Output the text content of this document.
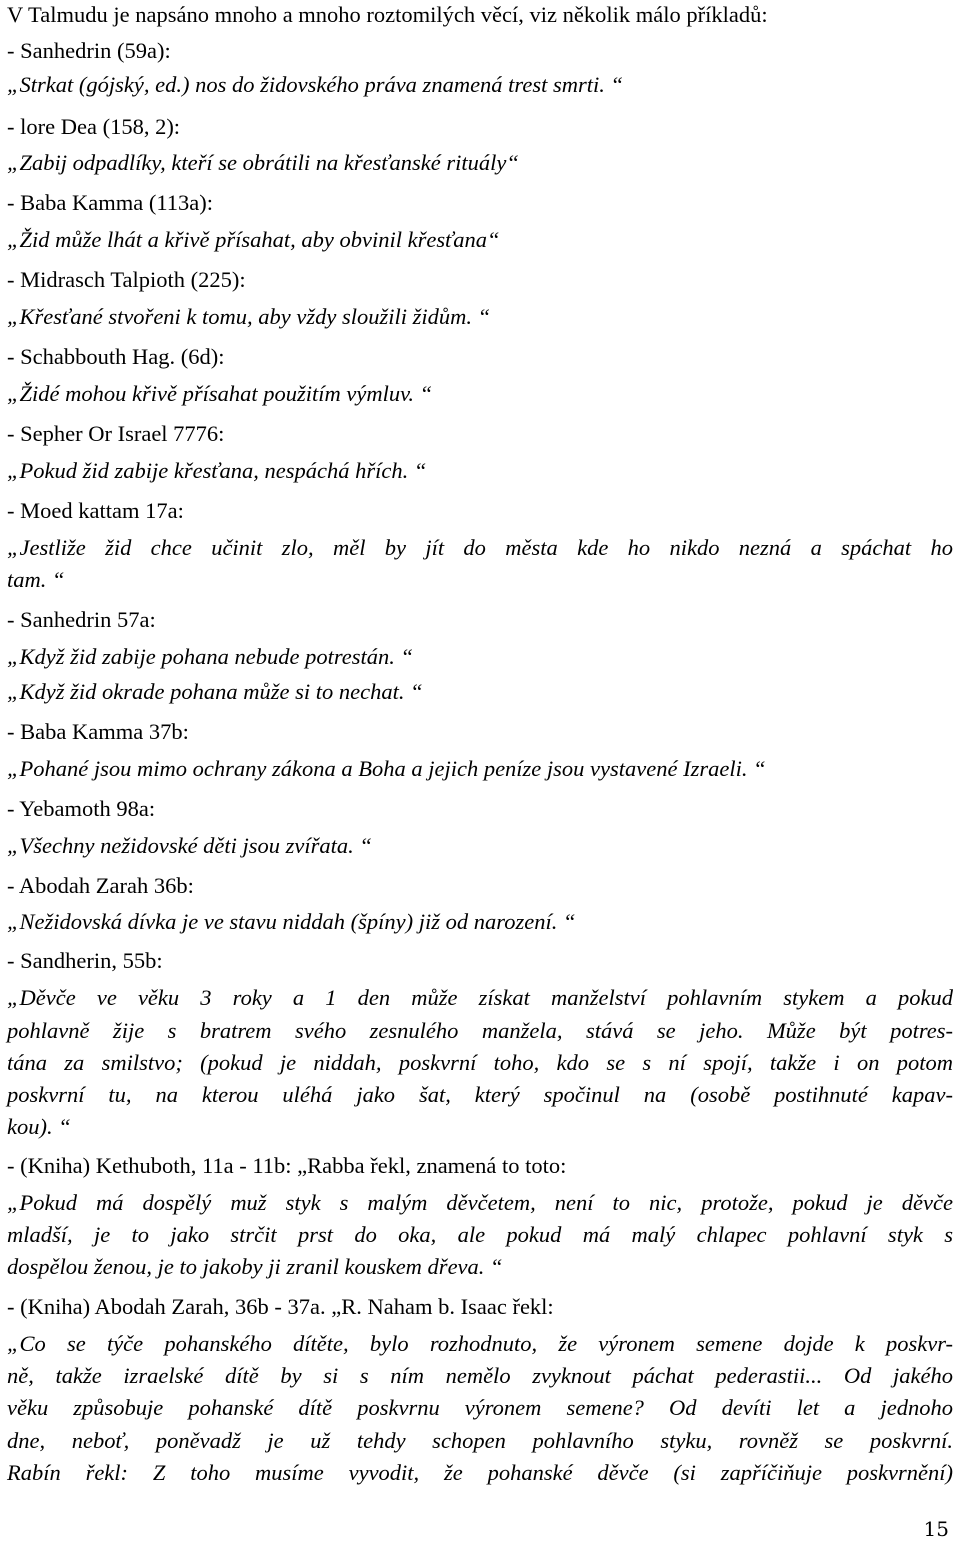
V Talmudu je napsáno mnoho a mnoho roztomilých věcí, viz několik málo příkladů:
- Sanhedrin (59a):
„Strkat (gójský, ed.) nos do židovského práva znamená trest smrti. “
- lore Dea (158, 2):
„Zabij odpadlíky, kteří se obrátili na křesťanské rituály“
- Baba Kamma (113a):
„Žid může lhát a křivě přísahat, aby obvinil křesťana“
- Midrasch Talpioth (225):
„Křesťané stvořeni k tomu, aby vždy sloužili židům. “
- Schabbouth Hag. (6d):
„Židé mohou křivě přísahat použitím výmluv. “
- Sepher Or Israel 7776:
„Pokud žid zabije křesťana, nespáchá hřích. “
- Moed kattam 17a:
„Jestliže žid chce učinit zlo, měl by jít do města kde ho nikdo nezná a spáchat ho
tam. “
- Sanhedrin 57a:
„Když žid zabije pohana nebude potrestán. “
„Když žid okrade pohana může si to nechat. “
- Baba Kamma 37b:
„Pohané jsou mimo ochrany zákona a Boha a jejich peníze jsou vystavené Izraeli. “
- Yebamoth 98a:
„Všechny nežidovské děti jsou zvířata. “
- Abodah Zarah 36b:
„Nežidovská dívka je ve stavu niddah (špíny) již od narození. “
- Sandherin, 55b:
„Děvče ve věku 3 roky a 1 den může získat manželství pohlavním stykem a pokud
pohlavně žije s bratrem svého zesnulého manžela, stává se jeho. Může být potres-
tána za smilstvo; (pokud je niddah, poskvrní toho, kdo se s ní spojí, takže i on potom
poskvrní tu, na kterou uléhá jako šat, který spočinul na (osobě postihnuté kapav-
kou). “
- (Kniha) Kethuboth, 11a - 11b: „Rabba řekl, znamená to toto:
„Pokud má dospělý muž styk s malým děvčetem, není to nic, protože, pokud je děvče
mladší, je to jako strčit prst do oka, ale pokud má malý chlapec pohlavní styk s
dospělou ženou, je to jakoby ji zranil kouskem dřeva. “
- (Kniha) Abodah Zarah, 36b - 37a. „R. Naham b. Isaac řekl:
„Co se týče pohanského dítěte, bylo rozhodnuto, že výronem semene dojde k poskvr-
ně, takže izraelské dítě by si s ním nemělo zvyknout páchat pederastii... Od jakého
věku způsobuje pohanské dítě poskvrnu výronem semene? Od devíti let a jednoho
dne, neboť, poněvadž je už tehdy schopen pohlavního styku, rovněž se poskvrní.
Rabín řekl: Z toho musíme vyvodit, že pohanské děvče (si zapříčiňuje poskvrnění)
15
